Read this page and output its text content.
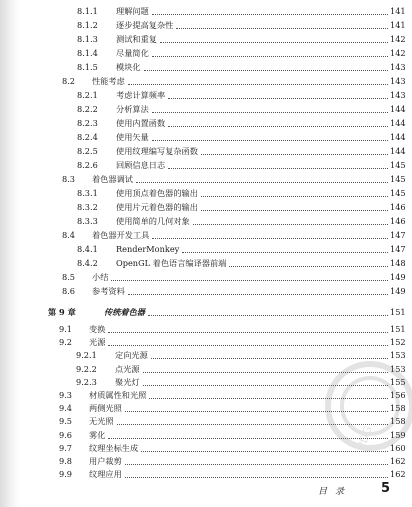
8.1.1	理解问题	141
8.1.2	逐步提高复杂性	141
8.1.3	测试和重复	142
8.1.4	尽量简化	142
8.1.5	模块化	143
8.2	性能考虑	143
8.2.1	考虑计算频率	143
8.2.2	分析算法	144
8.2.3	使用内置函数	144
8.2.4	使用矢量	144
8.2.5	使用纹理编写复杂函数	144
8.2.6	回顾信息日志	145
8.3	着色器调试	145
8.3.1	使用顶点着色器的输出	145
8.3.2	使用片元着色器的输出	146
8.3.3	使用简单的几何对象	146
8.4	着色器开发工具	147
8.4.1	RenderMonkey	147
8.4.2	OpenGL 着色语言编译器前端	148
8.5	小结	149
8.6	参考资料	149
第 9 章	传统着色器	151
9.1	变换	151
9.2	光源	152
9.2.1	定向光源	153
9.2.2	点光源	153
9.2.3	聚光灯	155
9.3	材质属性和光照	156
9.4	两侧光照	158
9.5	无光照	158
9.6	雾化	159
9.7	纹理坐标生成	160
9.8	用户裁剪	162
9.9	纹理应用	162
目录 5
PDG
